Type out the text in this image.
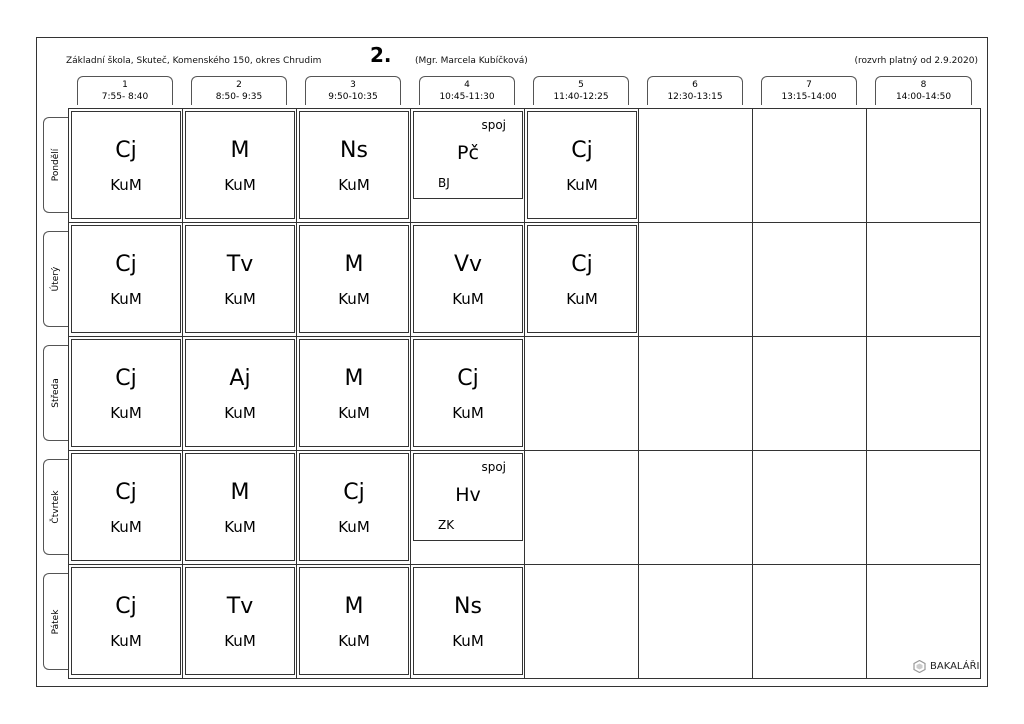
Základní škola, Skuteč, Komenského 150, okres Chrudim 2.	(Mgr. Marcela Kubíčková)	(rozvrh platný od 2.9.2020)
1
7:55- 8:40
2
8:50- 9:35
3
9:50-10:35
4
10:45-11:30
5
11:40-12:25
6
12:30-13:15
7
13:15-14:00
8
14:00-14:50
Pondělí
Úterý
Středa
Čtvrtek
Pátek
Cj
KuM
M
KuM
Ns
KuM
Pč
spoj
BJ
Cj
KuM
Cj
KuM
Tv
KuM
M
KuM
Vv
KuM
Cj
KuM
Cj
KuM
Aj
KuM
M
KuM
Cj
KuM
Cj
KuM
M
KuM
Cj
KuM
Hv
spoj
ZK
Cj
KuM
Tv
KuM
M
KuM
Ns
KuM
BAKALÁŘI
